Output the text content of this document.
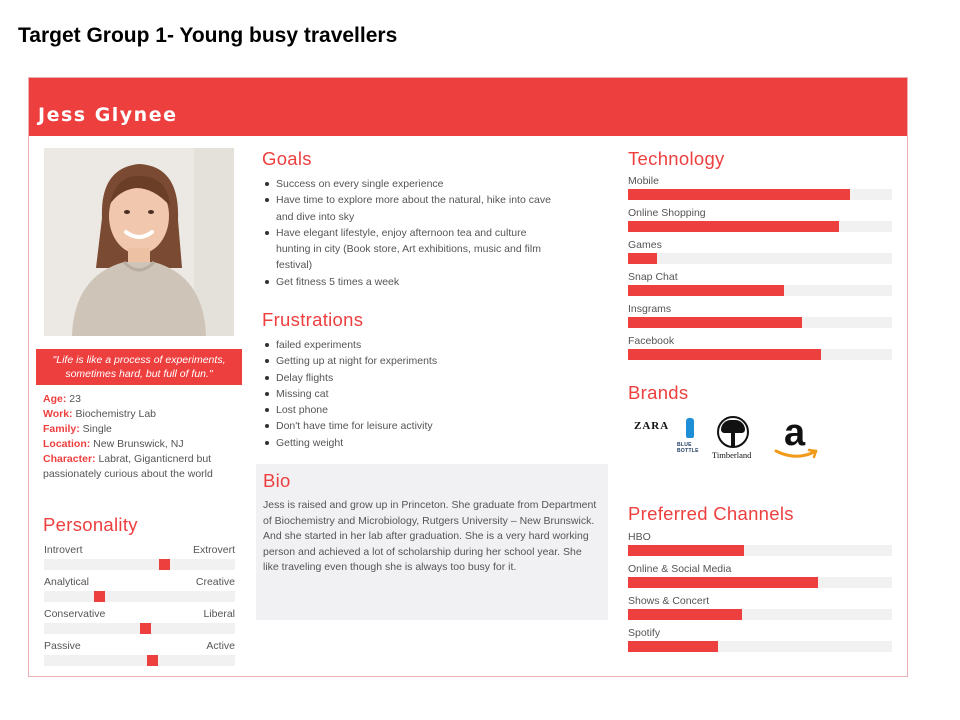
Target Group 1- Young busy travellers
Jess Glynee
"Life is like a process of experiments, sometimes hard, but full of fun."
Age: 23
Work: Biochemistry Lab
Family: Single
Location: New Brunswick, NJ
Character: Labrat, Giganticnerd but passionately curious about the world
Personality
Introvert	Extrovert
Analytical	Creative
Conservative	Liberal
Passive	Active
Goals
Success on every single experience
Have time to explore more about the natural, hike into cave and dive into sky
Have elegant lifestyle, enjoy afternoon tea and culture hunting in city (Book store, Art exhibitions, music and film festival)
Get fitness 5 times a week
Frustrations
failed experiments
Getting up at night for experiments
Delay flights
Missing cat
Lost phone
Don't have time for leisure activity
Getting weight
Bio
Jess is raised and grow up in Princeton. She graduate from Department of Biochemistry and Microbiology, Rutgers University – New Brunswick. And she started in her lab after graduation. She is a very hard working person and achieved a lot of scholarship during her school year. She like traveling even though she is always too busy for it.
Technology
Mobile
Online Shopping
Games
Snap Chat
Insgrams
Facebook
Brands
ZARA
BLUE BOTTLE	Timberland
a
Preferred Channels
HBO
Online & Social Media
Shows & Concert
Spotify
